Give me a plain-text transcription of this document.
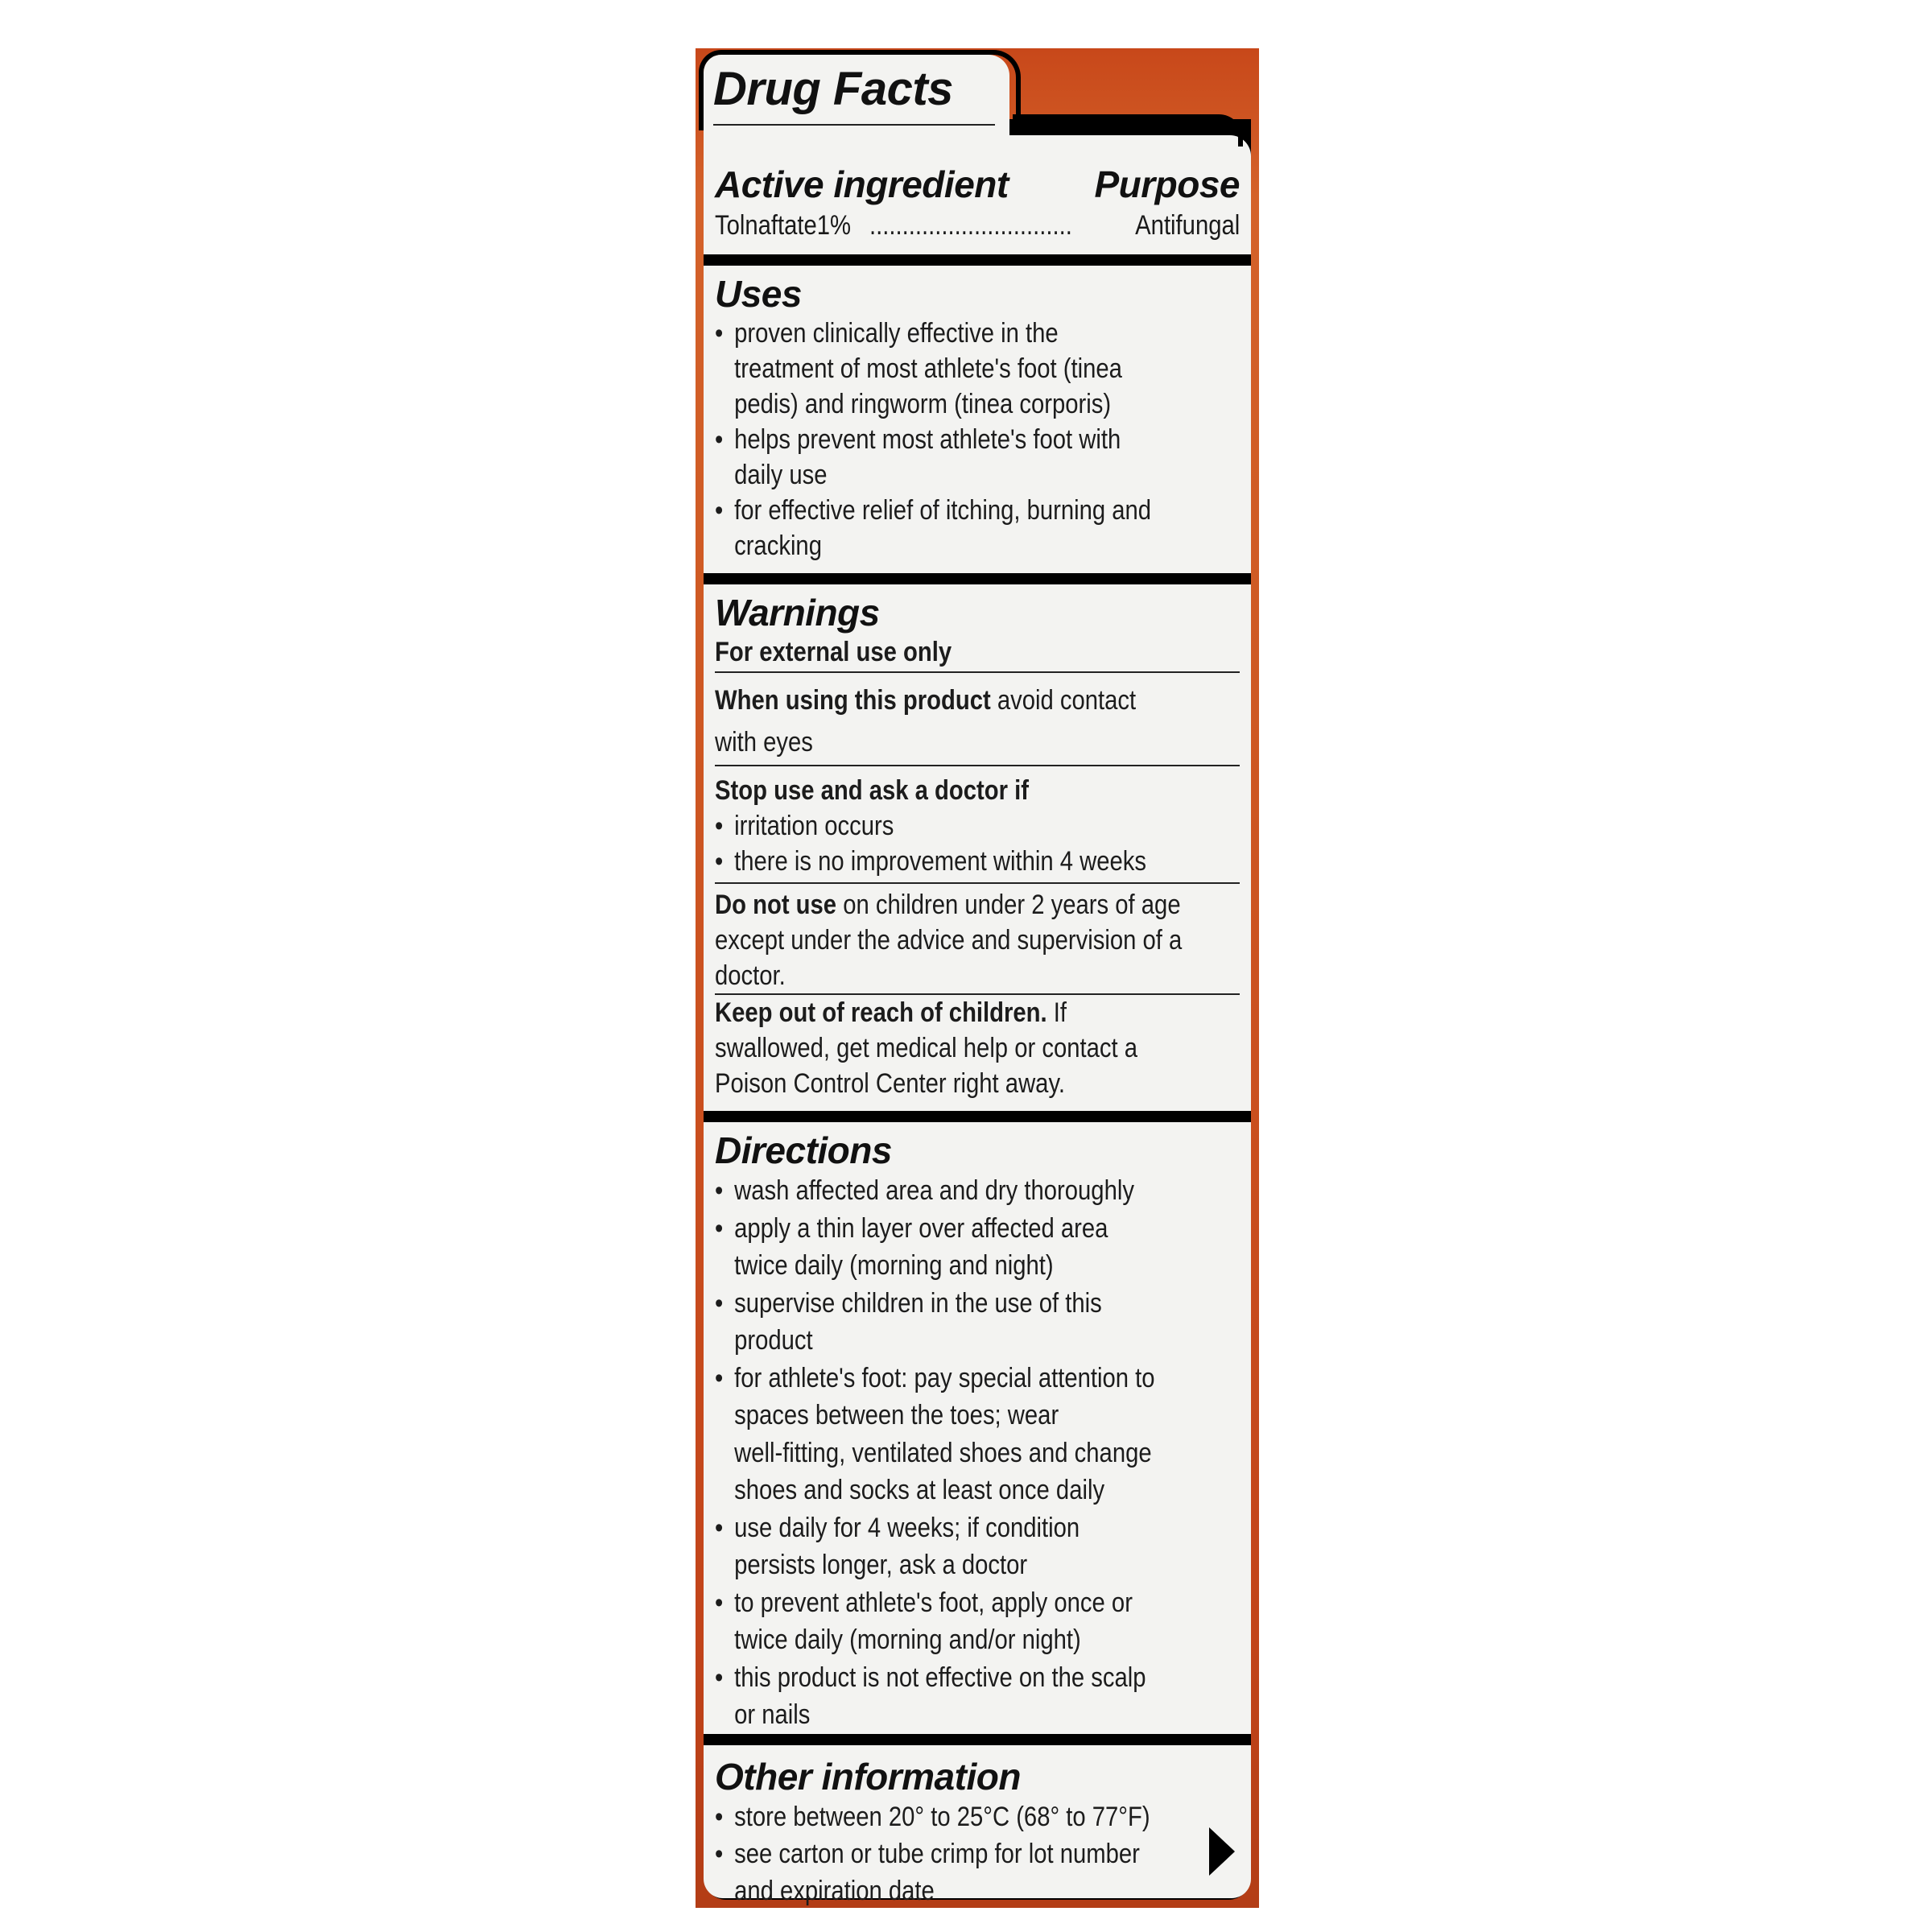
Drug Facts
Active ingredient Purpose
Tolnaftate1% ............................... Antifungal
Uses
• proven clinically effective in the
treatment of most athlete's foot (tinea
pedis) and ringworm (tinea corporis)
• helps prevent most athlete's foot with
daily use
• for effective relief of itching, burning and
cracking
Warnings
For external use only
When using this product avoid contact
with eyes
Stop use and ask a doctor if
• irritation occurs
• there is no improvement within 4 weeks
Do not use on children under 2 years of age
except under the advice and supervision of a
doctor.
Keep out of reach of children. If
swallowed, get medical help or contact a
Poison Control Center right away.
Directions
• wash affected area and dry thoroughly
• apply a thin layer over affected area
twice daily (morning and night)
• supervise children in the use of this
product
• for athlete's foot: pay special attention to
spaces between the toes; wear
well-fitting, ventilated shoes and change
shoes and socks at least once daily
• use daily for 4 weeks; if condition
persists longer, ask a doctor
• to prevent athlete's foot, apply once or
twice daily (morning and/or night)
• this product is not effective on the scalp
or nails
Other information
• store between 20° to 25°C (68° to 77°F)
• see carton or tube crimp for lot number
and expiration date
